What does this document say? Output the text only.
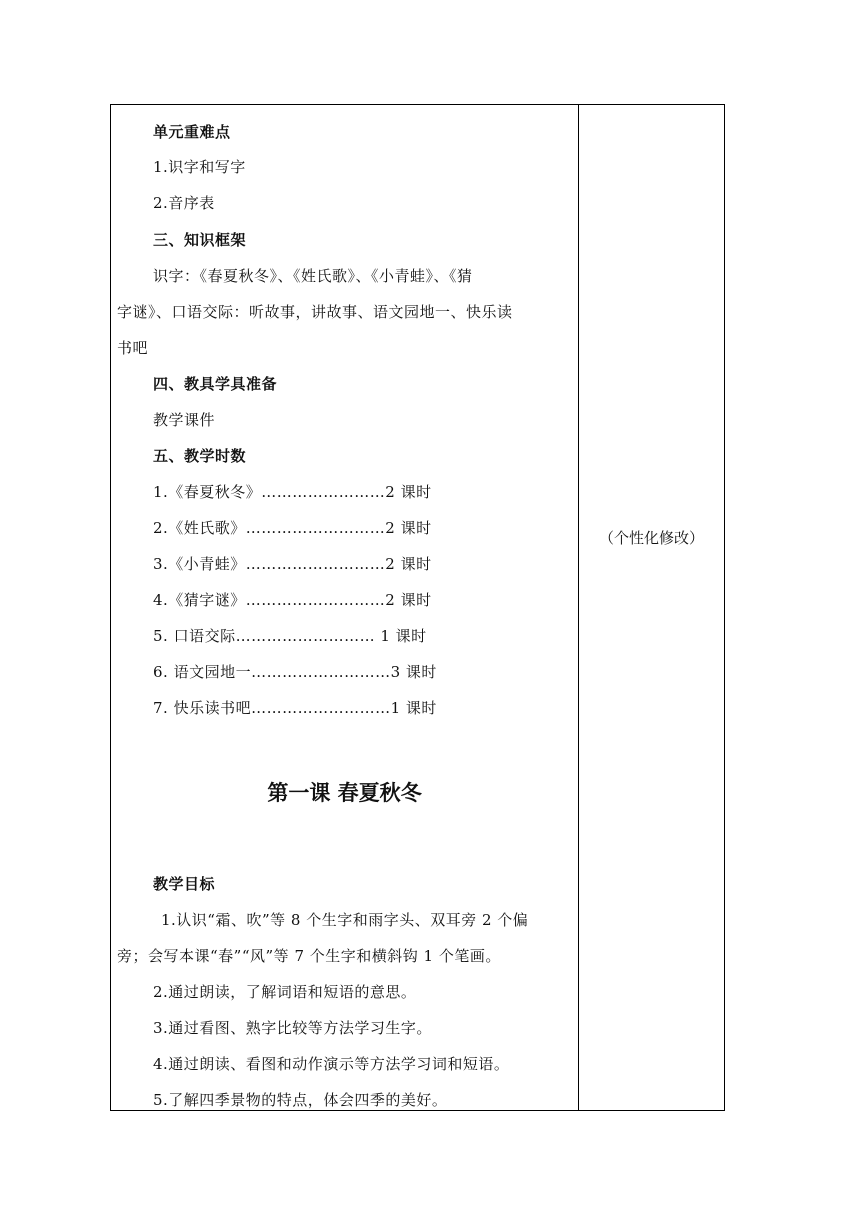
单元重难点
1.识字和写字
2.音序表
三、知识框架
识字：《春夏秋冬》、《姓氏歌》、《小青蛙》、《猜
字谜》、口语交际：听故事，讲故事、语文园地一、快乐读
书吧
四、教具学具准备
教学课件
五、教学时数
1.《春夏秋冬》……………………2 课时
2.《姓氏歌》………………………2 课时
3.《小青蛙》………………………2 课时
4.《猜字谜》………………………2 课时
5. 口语交际……………………… 1 课时
6. 语文园地一………………………3 课时
7. 快乐读书吧………………………1 课时
第一课 春夏秋冬
教学目标
1.认识“霜、吹”等 8 个生字和雨字头、双耳旁 2 个偏
旁；会写本课“春”“风”等 7 个生字和横斜钩 1 个笔画。
2.通过朗读，了解词语和短语的意思。
3.通过看图、熟字比较等方法学习生字。
4.通过朗读、看图和动作演示等方法学习词和短语。
5.了解四季景物的特点，体会四季的美好。
（个性化修改）
